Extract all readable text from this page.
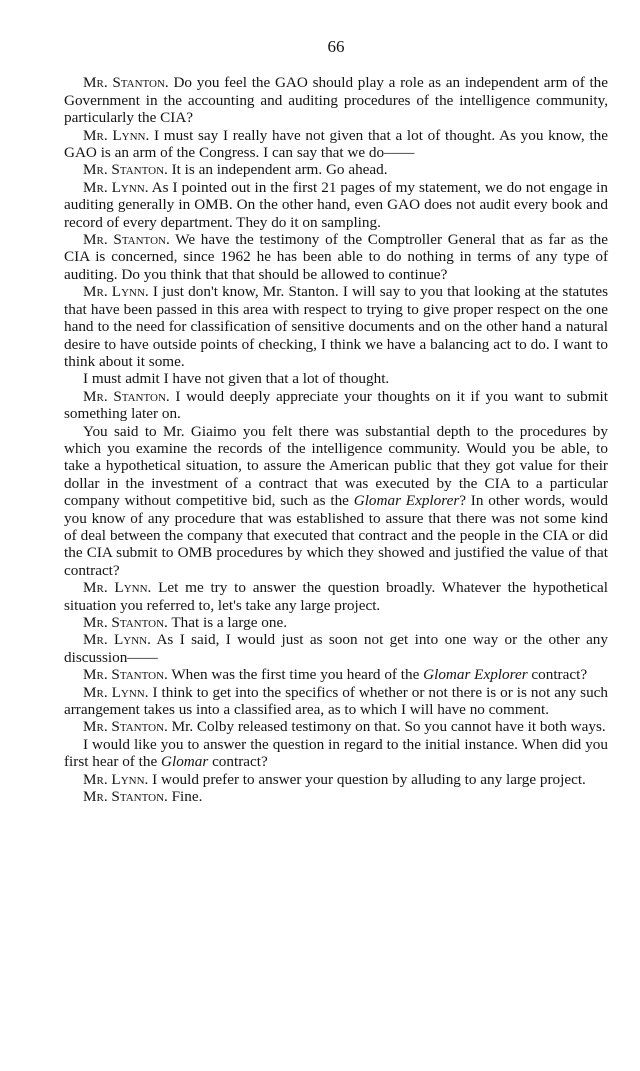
66

Mr. Stanton. Do you feel the GAO should play a role as an independent arm of the Government in the accounting and auditing procedures of the intelligence community, particularly the CIA?

Mr. Lynn. I must say I really have not given that a lot of thought. As you know, the GAO is an arm of the Congress. I can say that we do——

Mr. Stanton. It is an independent arm. Go ahead.

Mr. Lynn. As I pointed out in the first 21 pages of my statement, we do not engage in auditing generally in OMB. On the other hand, even GAO does not audit every book and record of every department. They do it on sampling.

Mr. Stanton. We have the testimony of the Comptroller General that as far as the CIA is concerned, since 1962 he has been able to do nothing in terms of any type of auditing. Do you think that that should be allowed to continue?

Mr. Lynn. I just don't know, Mr. Stanton. I will say to you that looking at the statutes that have been passed in this area with respect to trying to give proper respect on the one hand to the need for classification of sensitive documents and on the other hand a natural desire to have outside points of checking, I think we have a balancing act to do. I want to think about it some.

I must admit I have not given that a lot of thought.

Mr. Stanton. I would deeply appreciate your thoughts on it if you want to submit something later on.

You said to Mr. Giaimo you felt there was substantial depth to the procedures by which you examine the records of the intelligence community. Would you be able, to take a hypothetical situation, to assure the American public that they got value for their dollar in the investment of a contract that was executed by the CIA to a particular company without competitive bid, such as the Glomar Explorer? In other words, would you know of any procedure that was established to assure that there was not some kind of deal between the company that executed that contract and the people in the CIA or did the CIA submit to OMB procedures by which they showed and justified the value of that contract?

Mr. Lynn. Let me try to answer the question broadly. Whatever the hypothetical situation you referred to, let's take any large project.

Mr. Stanton. That is a large one.

Mr. Lynn. As I said, I would just as soon not get into one way or the other any discussion——

Mr. Stanton. When was the first time you heard of the Glomar Explorer contract?

Mr. Lynn. I think to get into the specifics of whether or not there is or is not any such arrangement takes us into a classified area, as to which I will have no comment.

Mr. Stanton. Mr. Colby released testimony on that. So you cannot have it both ways.

I would like you to answer the question in regard to the initial instance. When did you first hear of the Glomar contract?

Mr. Lynn. I would prefer to answer your question by alluding to any large project.

Mr. Stanton. Fine.
